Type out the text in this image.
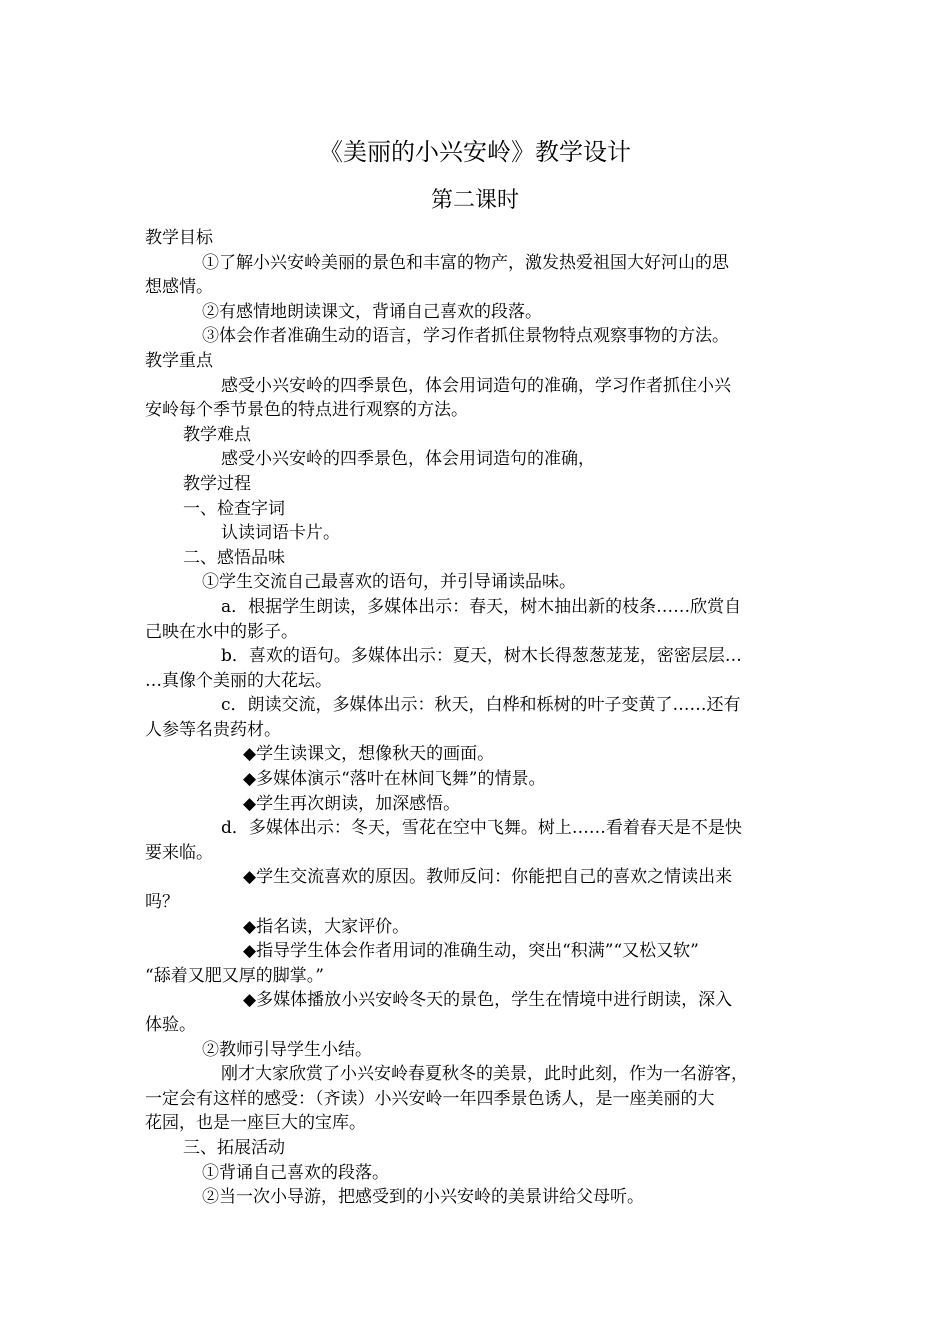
《美丽的小兴安岭》教学设计
第二课时

教学目标

①了解小兴安岭美丽的景色和丰富的物产，激发热爱祖国大好河山的思

想感情。

②有感情地朗读课文，背诵自己喜欢的段落。

③体会作者准确生动的语言，学习作者抓住景物特点观察事物的方法。

教学重点

感受小兴安岭的四季景色，体会用词造句的准确，学习作者抓住小兴

安岭每个季节景色的特点进行观察的方法。

教学难点

感受小兴安岭的四季景色，体会用词造句的准确，

教学过程

一、检查字词

认读词语卡片。

二、感悟品味

①学生交流自己最喜欢的语句，并引导诵读品味。

a．根据学生朗读，多媒体出示：春天，树木抽出新的枝条……欣赏自

己映在水中的影子。

b．喜欢的语句。多媒体出示：夏天，树木长得葱葱茏茏，密密层层…

…真像个美丽的大花坛。

c．朗读交流，多媒体出示：秋天，白桦和栎树的叶子变黄了……还有

人参等名贵药材。

◆学生读课文，想像秋天的画面。

◆多媒体演示“落叶在林间飞舞”的情景。

◆学生再次朗读，加深感悟。

d．多媒体出示：冬天，雪花在空中飞舞。树上……看着春天是不是快

要来临。

◆学生交流喜欢的原因。教师反问：你能把自己的喜欢之情读出来

吗？

◆指名读，大家评价。

◆指导学生体会作者用词的准确生动，突出“积满”“又松又软”

“舔着又肥又厚的脚掌。”

◆多媒体播放小兴安岭冬天的景色，学生在情境中进行朗读，深入

体验。

②教师引导学生小结。

刚才大家欣赏了小兴安岭春夏秋冬的美景，此时此刻，作为一名游客，

一定会有这样的感受：（齐读）小兴安岭一年四季景色诱人，是一座美丽的大

花园，也是一座巨大的宝库。

三、拓展活动

①背诵自己喜欢的段落。

②当一次小导游，把感受到的小兴安岭的美景讲给父母听。
